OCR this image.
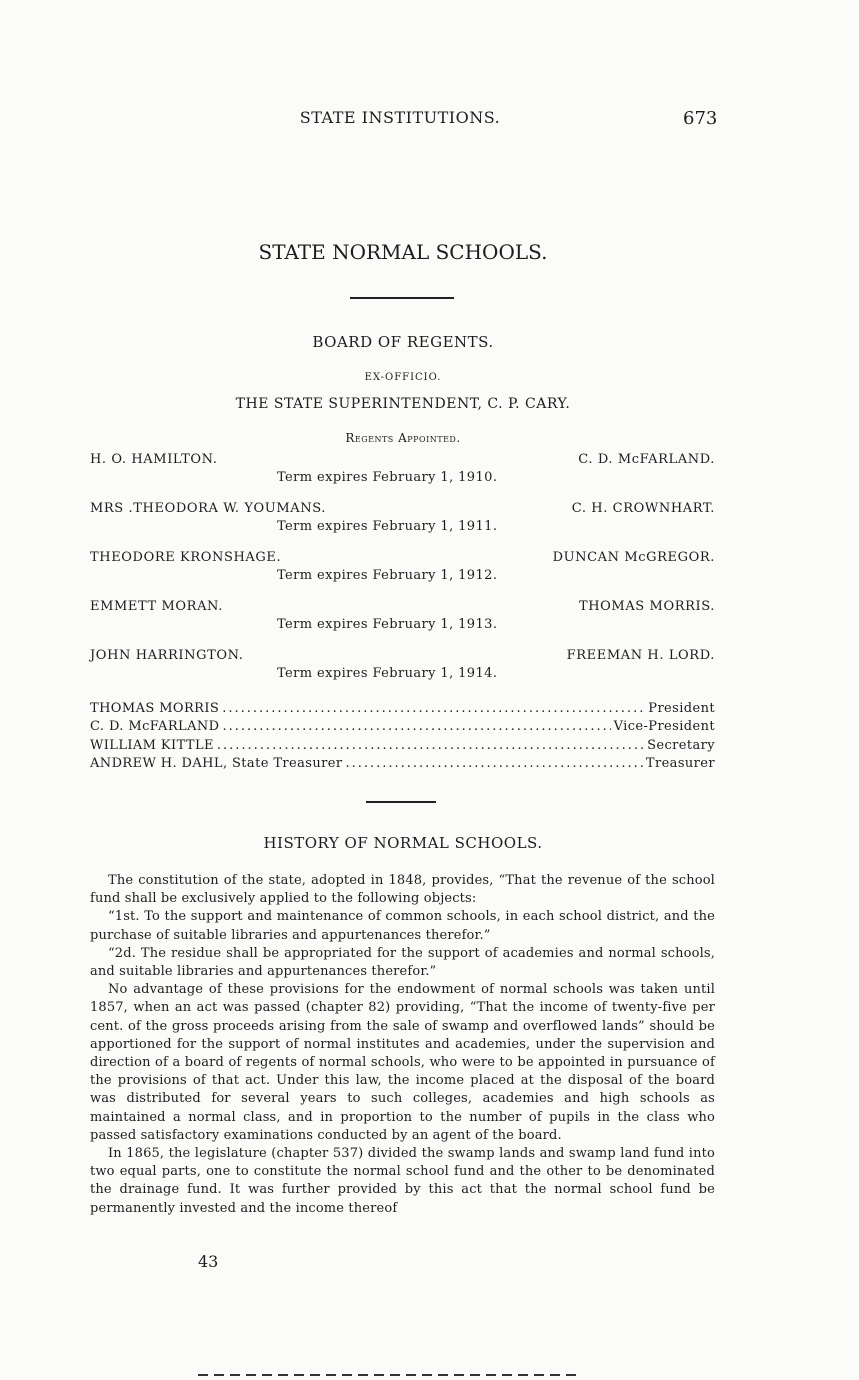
STATE INSTITUTIONS.	673
STATE NORMAL SCHOOLS.
BOARD OF REGENTS.
EX-OFFICIO.
THE STATE SUPERINTENDENT, C. P. CARY.
Regents Appointed.
H. O. HAMILTON.	C. D. McFARLAND.
Term expires February 1, 1910.
MRS .THEODORA W. YOUMANS.	C. H. CROWNHART.
Term expires February 1, 1911.
THEODORE KRONSHAGE.	DUNCAN McGREGOR.
Term expires February 1, 1912.
EMMETT MORAN.	THOMAS MORRIS.
Term expires February 1, 1913.
JOHN HARRINGTON.	FREEMAN H. LORD.
Term expires February 1, 1914.
THOMAS MORRIS .....	President
C. D. McFARLAND .....	Vice-President
WILLIAM KITTLE .....	Secretary
ANDREW H. DAHL, State Treasurer .....	Treasurer
HISTORY OF NORMAL SCHOOLS.

The constitution of the state, adopted in 1848, provides, “That the revenue of the school fund shall be exclusively applied to the following objects:

“1st. To the support and maintenance of common schools, in each school district, and the purchase of suitable libraries and appurtenances therefor.”

“2d. The residue shall be appropriated for the support of academies and normal schools, and suitable libraries and appurtenances therefor.”

No advantage of these provisions for the endowment of normal schools was taken until 1857, when an act was passed (chapter 82) providing, “That the income of twenty-five per cent. of the gross proceeds arising from the sale of swamp and overflowed lands” should be apportioned for the support of normal institutes and academies, under the supervision and direction of a board of regents of normal schools, who were to be appointed in pursuance of the provisions of that act. Under this law, the income placed at the disposal of the board was distributed for several years to such colleges, academies and high schools as maintained a normal class, and in proportion to the number of pupils in the class who passed satisfactory examinations conducted by an agent of the board.

In 1865, the legislature (chapter 537) divided the swamp lands and swamp land fund into two equal parts, one to constitute the normal school fund and the other to be denominated the drainage fund. It was further provided by this act that the normal school fund be permanently invested and the income thereof

43
